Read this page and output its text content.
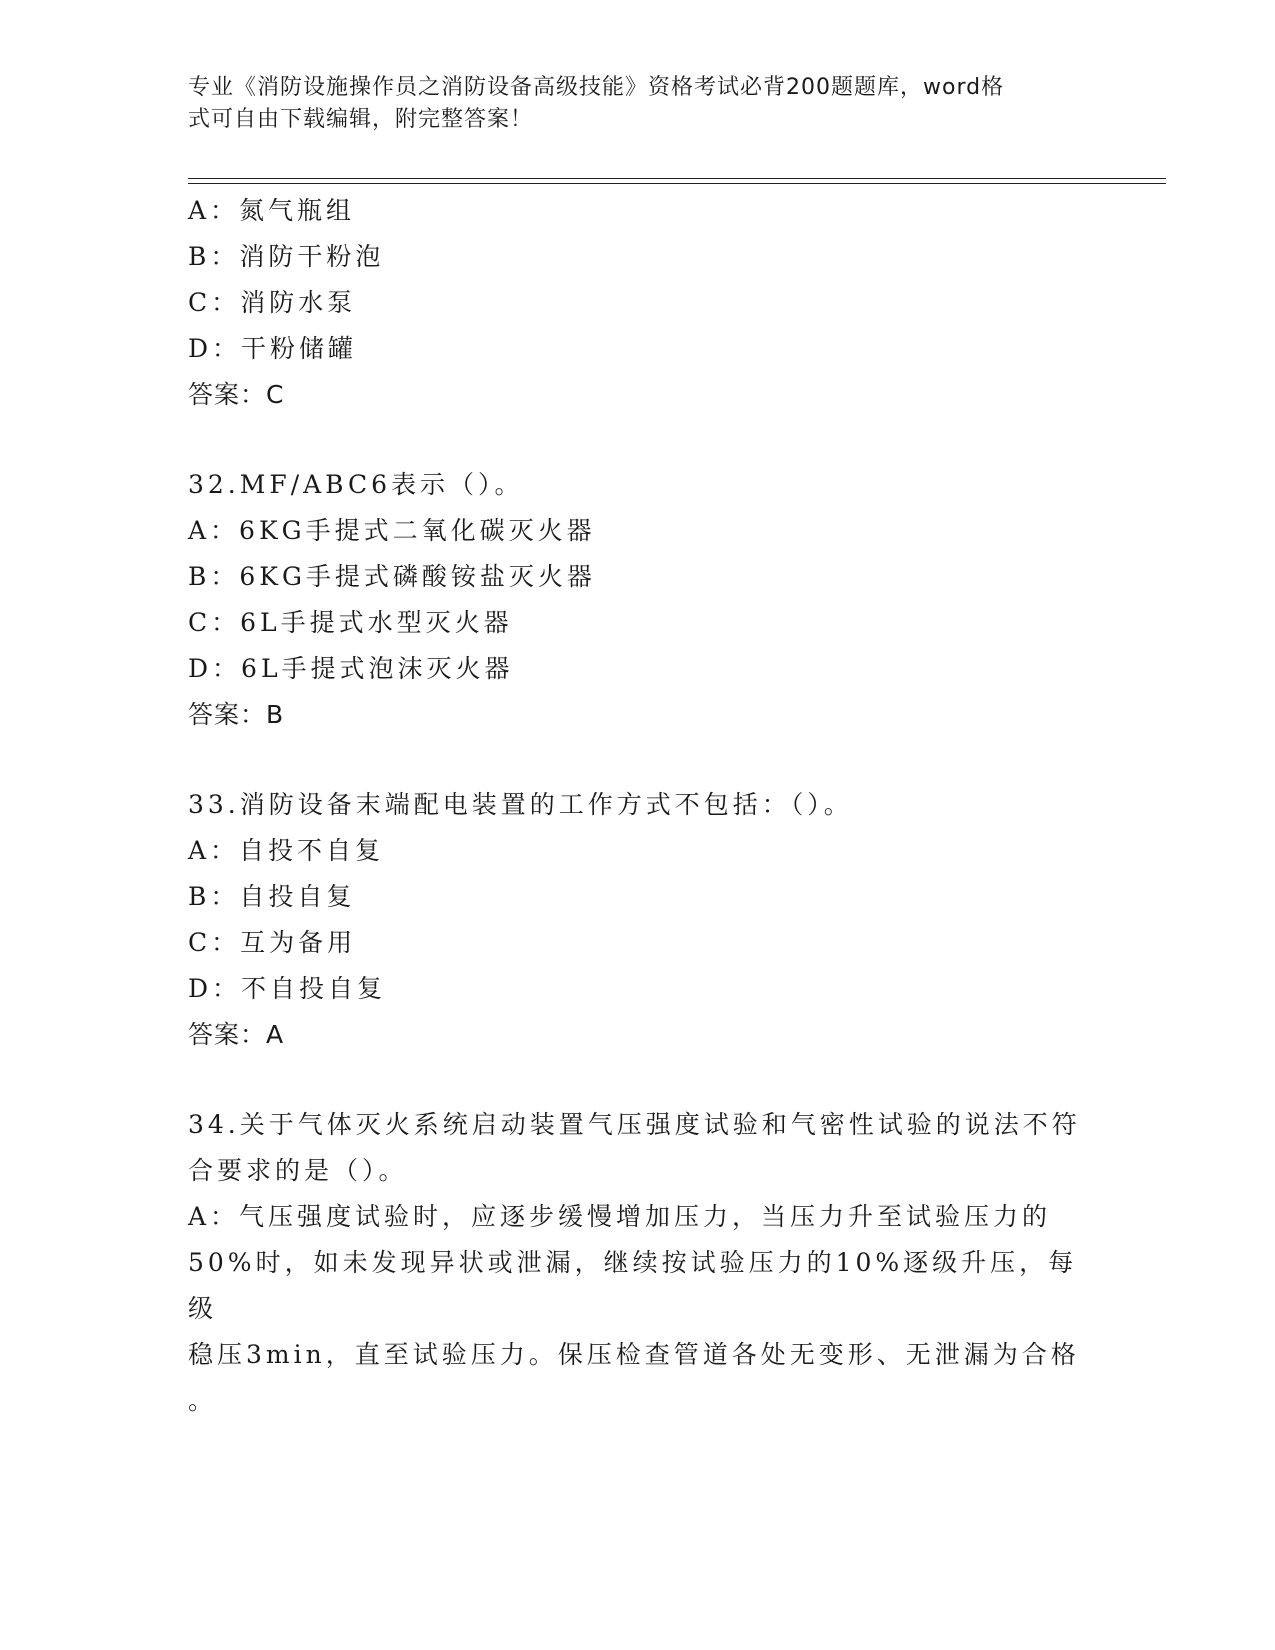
专业《消防设施操作员之消防设备高级技能》资格考试必背200题题库，word格
式可自由下载编辑，附完整答案！
A：氮气瓶组
B：消防干粉泡
C：消防水泵
D：干粉储罐
答案：C
32.MF/ABC6表示（）。
A：6KG手提式二氧化碳灭火器
B：6KG手提式磷酸铵盐灭火器
C：6L手提式水型灭火器
D：6L手提式泡沫灭火器
答案：B
33.消防设备末端配电装置的工作方式不包括：（）。
A：自投不自复
B：自投自复
C：互为备用
D：不自投自复
答案：A
34.关于气体灭火系统启动装置气压强度试验和气密性试验的说法不符
合要求的是（）。
A：气压强度试验时，应逐步缓慢增加压力，当压力升至试验压力的
50%时，如未发现异状或泄漏，继续按试验压力的10%逐级升压，每级
稳压3min，直至试验压力。保压检查管道各处无变形、无泄漏为合格
。
